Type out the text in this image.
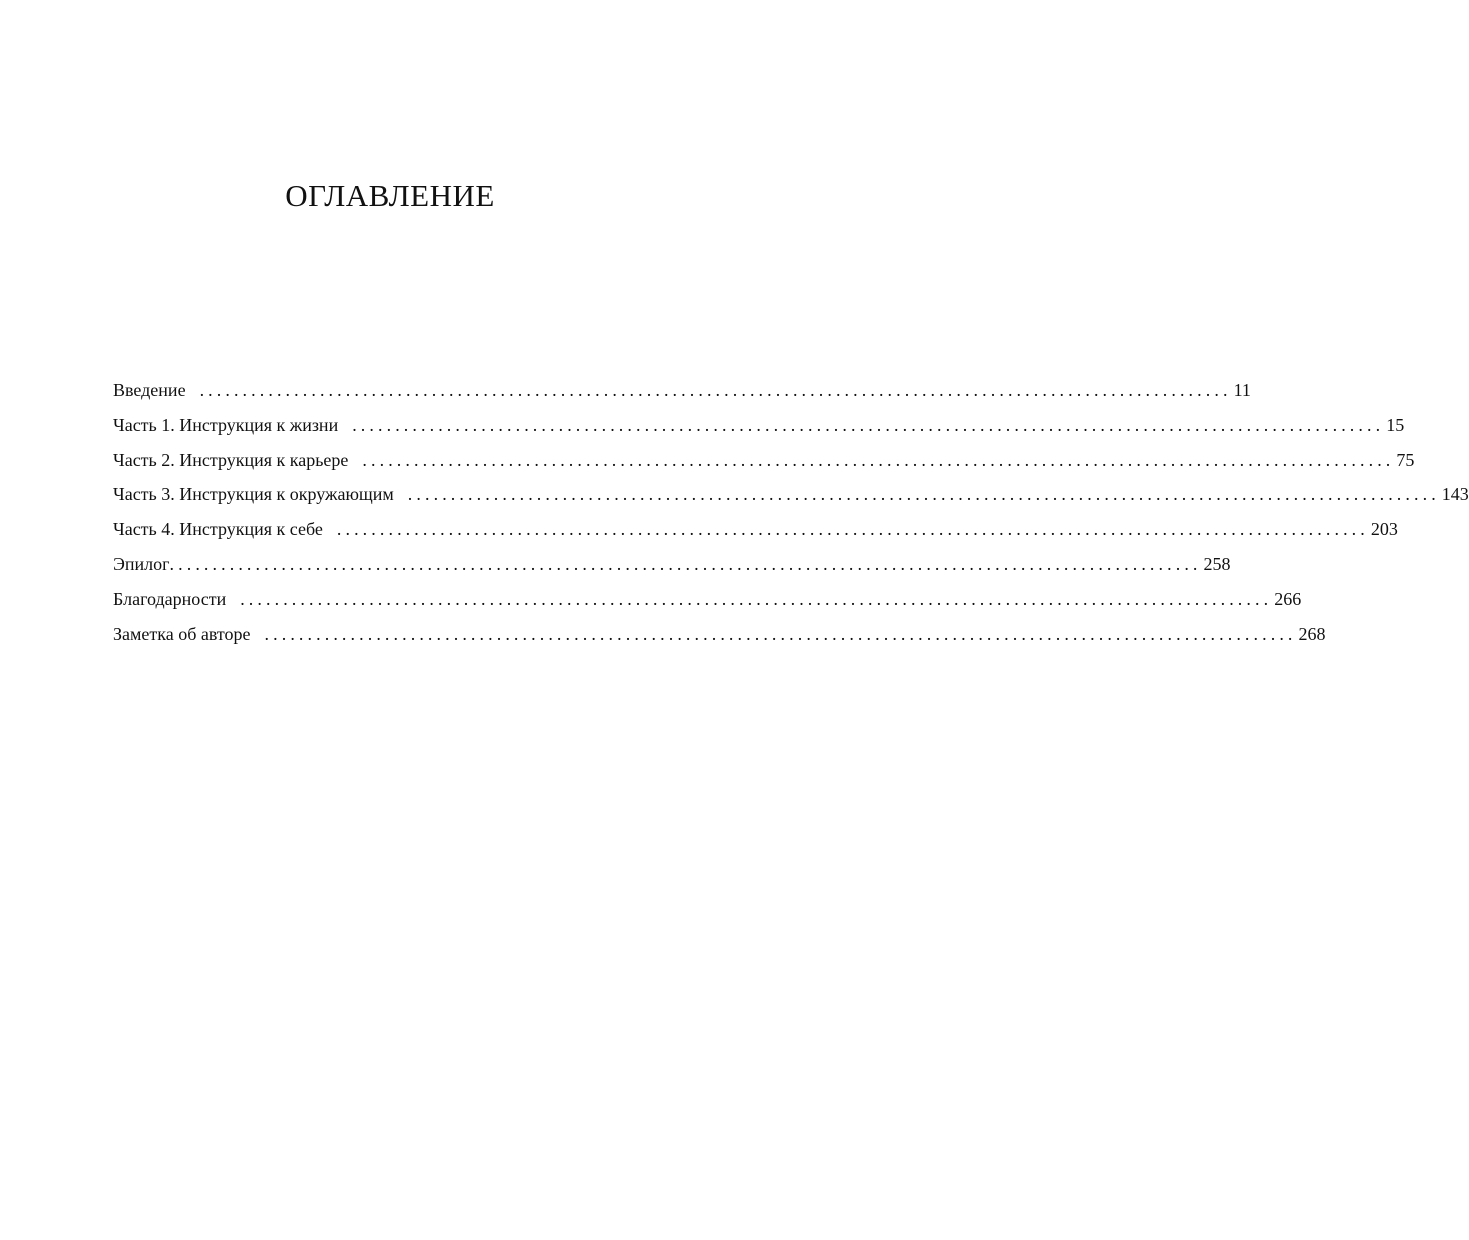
ОГЛАВЛЕНИЕ
Введение ........................................................................................................................ 11
Часть 1. Инструкция к жизни ........................................................................................................................ 15
Часть 2. Инструкция к карьере ........................................................................................................................ 75
Часть 3. Инструкция к окружающим ........................................................................................................................ 143
Часть 4. Инструкция к себе ........................................................................................................................ 203
Эпилог ........................................................................................................................ 258
Благодарности ........................................................................................................................ 266
Заметка об авторе ........................................................................................................................ 268
